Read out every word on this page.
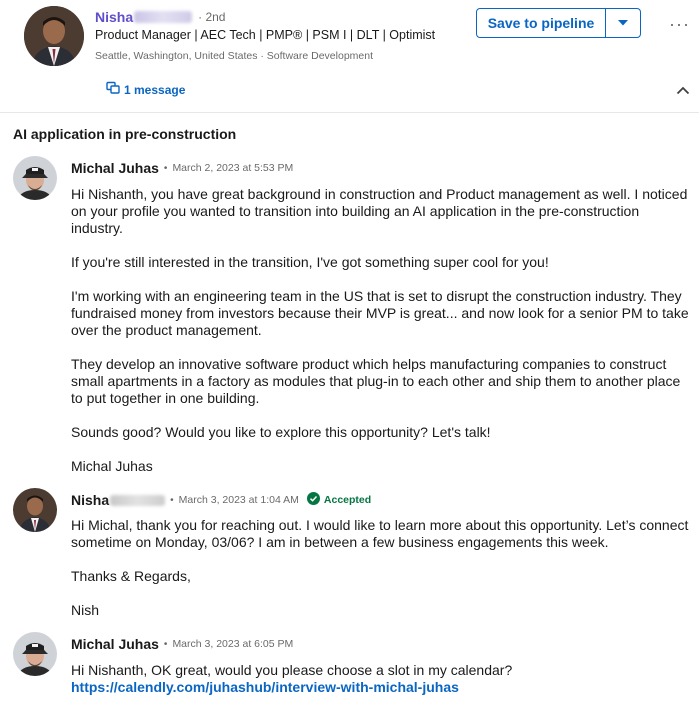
Nisha	· 2nd
Product Manager | AEC Tech | PMP® | PSM I | DLT | Optimist
Seattle, Washington, United States · Software Development
1 message
Save to pipeline	···
AI application in pre-construction
Michal Juhas • March 2, 2023 at 5:53 PM

Hi Nishanth, you have great background in construction and Product management as well. I noticed on your profile you wanted to transition into building an AI application in the pre-construction industry.

If you're still interested in the transition, I've got something super cool for you!

I'm working with an engineering team in the US that is set to disrupt the construction industry. They fundraised money from investors because their MVP is great... and now look for a senior PM to take over the product management.

They develop an innovative software product which helps manufacturing companies to construct small apartments in a factory as modules that plug-in to each other and ship them to another place to put together in one building.

Sounds good? Would you like to explore this opportunity? Let's talk!

Michal Juhas

Nisha	• March 3, 2023 at 1:04 AM Accepted

Hi Michal, thank you for reaching out. I would like to learn more about this opportunity. Let’s connect sometime on Monday, 03/06? I am in between a few business engagements this week.

Thanks & Regards,

Nish

Michal Juhas • March 3, 2023 at 6:05 PM

Hi Nishanth, OK great, would you please choose a slot in my calendar?

https://calendly.com/juhashub/interview-with-michal-juhas
